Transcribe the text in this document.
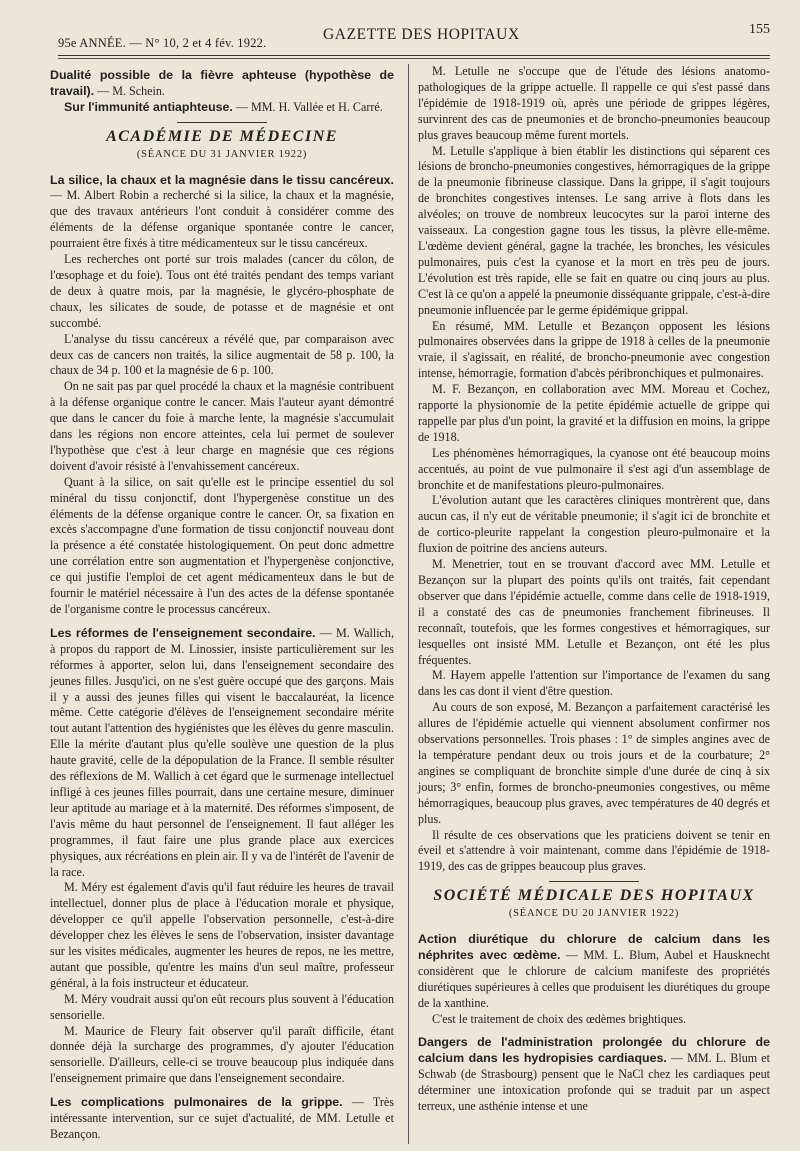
95e ANNÉE. — N° 10, 2 et 4 fév. 1922.	GAZETTE DES HOPITAUX	155

Dualité possible de la fièvre aphteuse (hypothèse de travail). — M. Schein.

Sur l'immunité antiaphteuse. — MM. H. Vallée et H. Carré.

ACADÉMIE DE MÉDECINE
(SÉANCE DU 31 JANVIER 1922)

La silice, la chaux et la magnésie dans le tissu cancéreux. — M. Albert Robin a recherché si la silice, la chaux et la magnésie, que des travaux antérieurs l'ont conduit à considérer comme des éléments de la défense organique spontanée contre le cancer, pourraient être fixés à titre médicamenteux sur le tissu cancéreux.

Les recherches ont porté sur trois malades (cancer du côlon, de l'œsophage et du foie). Tous ont été traités pendant des temps variant de deux à quatre mois, par la magnésie, le glycéro-phosphate de chaux, les silicates de soude, de potasse et de magnésie et ont succombé.

L'analyse du tissu cancéreux a révélé que, par comparaison avec deux cas de cancers non traités, la silice augmentait de 58 p. 100, la chaux de 34 p. 100 et la magnésie de 6 p. 100.

On ne sait pas par quel procédé la chaux et la magnésie contribuent à la défense organique contre le cancer. Mais l'auteur ayant démontré que dans le cancer du foie à marche lente, la magnésie s'accumulait dans les régions non encore atteintes, cela lui permet de soulever l'hypothèse que c'est à leur charge en magnésie que ces régions doivent d'avoir résisté à l'envahissement cancéreux.

Quant à la silice, on sait qu'elle est le principe essentiel du sol minéral du tissu conjonctif, dont l'hypergenèse constitue un des éléments de la défense organique contre le cancer. Or, sa fixation en excès s'accompagne d'une formation de tissu conjonctif nouveau dont la présence a été constatée histologiquement. On peut donc admettre une corrélation entre son augmentation et l'hypergenèse conjonctive, ce qui justifie l'emploi de cet agent médicamenteux dans le but de fournir le matériel nécessaire à l'un des actes de la défense spontanée de l'organisme contre le processus cancéreux.

Les réformes de l'enseignement secondaire. — M. Wallich, à propos du rapport de M. Linossier, insiste particulièrement sur les réformes à apporter, selon lui, dans l'enseignement secondaire des jeunes filles. Jusqu'ici, on ne s'est guère occupé que des garçons. Mais il y a aussi des jeunes filles qui visent le baccalauréat, la licence même. Cette catégorie d'élèves de l'enseignement secondaire mérite tout autant l'attention des hygiénistes que les élèves du genre masculin. Elle la mérite d'autant plus qu'elle soulève une question de la plus haute gravité, celle de la dépopulation de la France. Il semble résulter des réflexions de M. Wallich à cet égard que le surmenage intellectuel infligé à ces jeunes filles pourrait, dans une certaine mesure, diminuer leur aptitude au mariage et à la maternité. Des réformes s'imposent, de l'avis même du haut personnel de l'enseignement. Il faut alléger les programmes, il faut faire une plus grande place aux exercices physiques, aux récréations en plein air. Il y va de l'intérêt de l'avenir de la race.

M. Méry est également d'avis qu'il faut réduire les heures de travail intellectuel, donner plus de place à l'éducation morale et physique, développer ce qu'il appelle l'observation personnelle, c'est-à-dire développer chez les élèves le sens de l'observation, insister davantage sur les visites médicales, augmenter les heures de repos, ne les mettre, autant que possible, qu'entre les mains d'un seul maître, professeur général, à la fois instructeur et éducateur.

M. Méry voudrait aussi qu'on eût recours plus souvent à l'éducation sensorielle.

M. Maurice de Fleury fait observer qu'il paraît difficile, étant donnée déjà la surcharge des programmes, d'y ajouter l'éducation sensorielle. D'ailleurs, celle-ci se trouve beaucoup plus indiquée dans l'enseignement primaire que dans l'enseignement secondaire.

Les complications pulmonaires de la grippe. — Très intéressante intervention, sur ce sujet d'actualité, de MM. Letulle et Bezançon.

M. Letulle ne s'occupe que de l'étude des lésions anatomo-pathologiques de la grippe actuelle. Il rappelle ce qui s'est passé dans l'épidémie de 1918-1919 où, après une période de grippes légères, survinrent des cas de pneumonies et de broncho-pneumonies beaucoup plus graves beaucoup même furent mortels.

M. Letulle s'applique à bien établir les distinctions qui séparent ces lésions de broncho-pneumonies congestives, hémorragiques de la grippe de la pneumonie fibrineuse classique. Dans la grippe, il s'agit toujours de bronchites congestives intenses. Le sang arrive à flots dans les alvéoles; on trouve de nombreux leucocytes sur la paroi interne des vaisseaux. La congestion gagne tous les tissus, la plèvre elle-même. L'œdème devient général, gagne la trachée, les bronches, les vésicules pulmonaires, puis c'est la cyanose et la mort en très peu de jours. L'évolution est très rapide, elle se fait en quatre ou cinq jours au plus. C'est là ce qu'on a appelé la pneumonie disséquante grippale, c'est-à-dire pneumonie influencée par le germe épidémique grippal.

En résumé, MM. Letulle et Bezançon opposent les lésions pulmonaires observées dans la grippe de 1918 à celles de la pneumonie vraie, il s'agissait, en réalité, de broncho-pneumonie avec congestion intense, hémorragie, formation d'abcès péribronchiques et pulmonaires.

M. F. Bezançon, en collaboration avec MM. Moreau et Cochez, rapporte la physionomie de la petite épidémie actuelle de grippe qui rappelle par plus d'un point, la gravité et la diffusion en moins, la grippe de 1918.

Les phénomènes hémorragiques, la cyanose ont été beaucoup moins accentués, au point de vue pulmonaire il s'est agi d'un assemblage de bronchite et de manifestations pleuro-pulmonaires.

L'évolution autant que les caractères cliniques montrèrent que, dans aucun cas, il n'y eut de véritable pneumonie; il s'agit ici de bronchite et de cortico-pleurite rappelant la congestion pleuro-pulmonaire et la fluxion de poitrine des anciens auteurs.

M. Menetrier, tout en se trouvant d'accord avec MM. Letulle et Bezançon sur la plupart des points qu'ils ont traités, fait cependant observer que dans l'épidémie actuelle, comme dans celle de 1918-1919, il a constaté des cas de pneumonies franchement fibrineuses. Il reconnaît, toutefois, que les formes congestives et hémorragiques, sur lesquelles ont insisté MM. Letulle et Bezançon, ont été les plus fréquentes.

M. Hayem appelle l'attention sur l'importance de l'examen du sang dans les cas dont il vient d'être question.

Au cours de son exposé, M. Bezançon a parfaitement caractérisé les allures de l'épidémie actuelle qui viennent absolument confirmer nos observations personnelles. Trois phases : 1° de simples angines avec de la température pendant deux ou trois jours et de la courbature; 2° angines se compliquant de bronchite simple d'une durée de cinq à six jours; 3° enfin, formes de broncho-pneumonies congestives, ou même hémorragiques, beaucoup plus graves, avec températures de 40 degrés et plus.

Il résulte de ces observations que les praticiens doivent se tenir en éveil et s'attendre à voir maintenant, comme dans l'épidémie de 1918-1919, des cas de grippes beaucoup plus graves.

SOCIÉTÉ MÉDICALE DES HOPITAUX
(SÉANCE DU 20 JANVIER 1922)

Action diurétique du chlorure de calcium dans les néphrites avec œdème. — MM. L. Blum, Aubel et Hausknecht considèrent que le chlorure de calcium manifeste des propriétés diurétiques supérieures à celles que produisent les diurétiques du groupe de la xanthine.

C'est le traitement de choix des œdèmes brightiques.

Dangers de l'administration prolongée du chlorure de calcium dans les hydropisies cardiaques. — MM. L. Blum et Schwab (de Strasbourg) pensent que le NaCl chez les cardiaques peut déterminer une intoxication profonde qui se traduit par un aspect terreux, une asthénie intense et une
